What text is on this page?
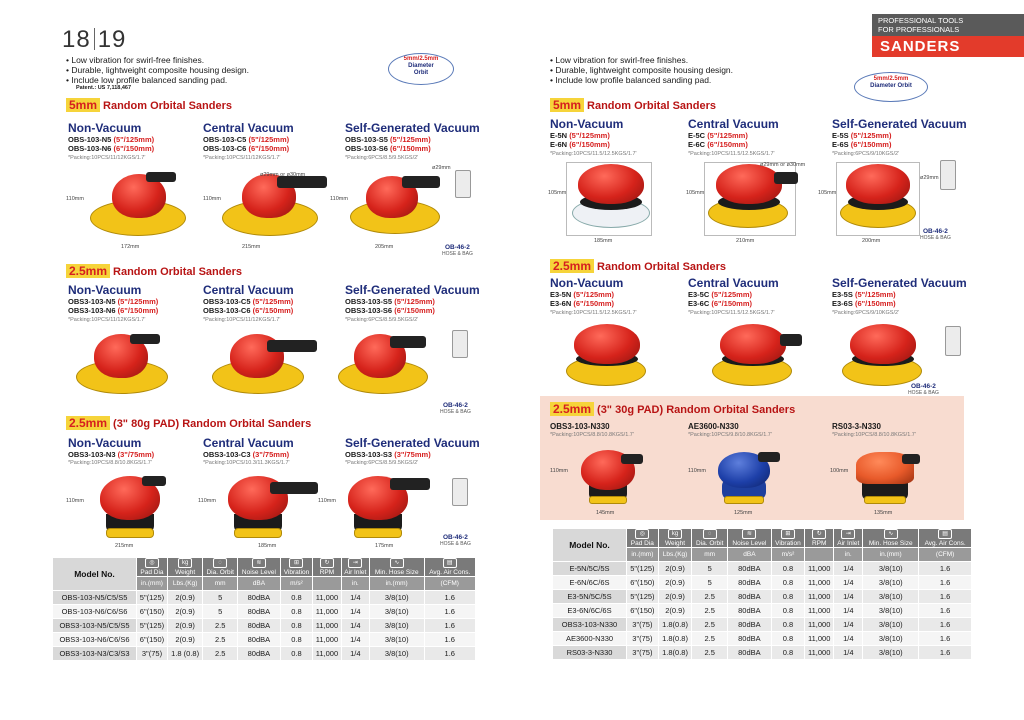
18 19
• Low vibration for swirl-free finishes.
• Durable, lightweight composite housing design.
• Include low profile balanced sanding pad.
Patent.: US 7,118,467
5mm/2.5mm
Diameter
Orbit
5mm Random Orbital Sanders
Non-Vacuum
OBS-103-N5 (5"/125mm)
OBS-103-N6 (6"/150mm)
*Packing:10PCS/11/12KGS/1.7'
Central Vacuum
OBS-103-C5 (5"/125mm)
OBS-103-C6 (6"/150mm)
*Packing:10PCS/11/12KGS/1.7'
Self-Generated Vacuum
OBS-103-S5 (5"/125mm)
OBS-103-S6 (6"/150mm)
*Packing:6PCS/8.5/9.5KGS/2'
110mm
172mm
110mm
ø29mm or ø30mm
215mm
110mm
ø29mm
205mm	OB-46-2
HOSE & BAG
2.5mm Random Orbital Sanders
Non-Vacuum
OBS3-103-N5 (5"/125mm)
OBS3-103-N6 (6"/150mm)
*Packing:10PCS/11/12KGS/1.7'
Central Vacuum
OBS3-103-C5 (5"/125mm)
OBS3-103-C6 (6"/150mm)
*Packing:10PCS/11/12KGS/1.7'
Self-Generated Vacuum
OBS3-103-S5 (5"/125mm)
OBS3-103-S6 (6"/150mm)
*Packing:6PCS/8.5/9.5KGS/2'
OB-46-2
HOSE & BAG
2.5mm (3" 80g PAD) Random Orbital Sanders
Non-Vacuum
OBS3-103-N3 (3"/75mm)
*Packing:10PCS/8.8/10.8KGS/1.7'
Central Vacuum
OBS3-103-C3 (3"/75mm)
*Packing:10PCS/10.3/11.3KGS/1.7'
Self-Generated Vacuum
OBS3-103-S3 (3"/75mm)
*Packing:6PCS/8.5/9.5KGS/2'
110mm
215mm
110mm
185mm
110mm
175mm
OB-46-2
HOSE & BAG
Model No.	◎
Pad Dia	kg
Weight	◌
Dia. Orbit	≋
Noise Level	⊞
Vibration	↻
RPM	⇥
Air Inlet	∿
Min. Hose Size	▤
Avg. Air Cons.
	in.(mm)	Lbs.(Kg)	mm	dBA	m/s²		in.	in.(mm)	(CFM)
OBS-103-N5/C5/S5	5"(125)	2(0.9)	5	80dBA	0.8	11,000	1/4	3/8(10)	1.6
OBS-103-N6/C6/S6	6"(150)	2(0.9)	5	80dBA	0.8	11,000	1/4	3/8(10)	1.6
OBS3-103-N5/C5/S5	5"(125)	2(0.9)	2.5	80dBA	0.8	11,000	1/4	3/8(10)	1.6
OBS3-103-N6/C6/S6	6"(150)	2(0.9)	2.5	80dBA	0.8	11,000	1/4	3/8(10)	1.6
OBS3-103-N3/C3/S3	3"(75)	1.8 (0.8)	2.5	80dBA	0.8	11,000	1/4	3/8(10)	1.6
PROFESSIONAL TOOLS
FOR PROFESSIONALS
SANDERS
• Low vibration for swirl-free finishes.
• Durable, lightweight composite housing design.
• Include low profile balanced sanding pad.	5mm/2.5mm
Diameter Orbit
5mm Random Orbital Sanders
Non-Vacuum
E-5N (5"/125mm)
E-6N (6"/150mm)
*Packing:10PCS/11.5/12.5KGS/1.7'
Central Vacuum
E-5C (5"/125mm)
E-6C (6"/150mm)
*Packing:10PCS/11.5/12.5KGS/1.7'
Self-Generated Vacuum
E-5S (5"/125mm)
E-6S (6"/150mm)
*Packing:6PCS/9/10KGS/2'
105mm
185mm
105mm
ø29mm or ø30mm
210mm
105mm
ø29mm
200mm
OB-46-2
HOSE & BAG
2.5mm Random Orbital Sanders
Non-Vacuum
E3-5N (5"/125mm)
E3-6N (6"/150mm)
*Packing:10PCS/11.5/12.5KGS/1.7'
Central Vacuum
E3-5C (5"/125mm)
E3-6C (6"/150mm)
*Packing:10PCS/11.5/12.5KGS/1.7'
Self-Generated Vacuum
E3-5S (5"/125mm)
E3-6S (6"/150mm)
*Packing:6PCS/9/10KGS/2'
OB-46-2
HOSE & BAG
2.5mm (3" 30g PAD) Random Orbital Sanders
OBS3-103-N330
*Packing:10PCS/8.8/10.8KGS/1.7'
AE3600-N330
*Packing:10PCS/9.8/10.8KGS/1.7'
RS03-3-N330
*Packing:10PCS/8.8/10.8KGS/1.7'
110mm
145mm
110mm
125mm
100mm
135mm
Model No.	◎
Pad Dia	kg
Weight	◌
Dia. Orbit	≋
Noise Level	⊞
Vibration	↻
RPM	⇥
Air Inlet	∿
Min. Hose Size	▤
Avg. Air Cons.
	in.(mm)	Lbs.(Kg)	mm	dBA	m/s²		in.	in.(mm)	(CFM)
E-5N/5C/5S	5"(125)	2(0.9)	5	80dBA	0.8	11,000	1/4	3/8(10)	1.6
E-6N/6C/6S	6"(150)	2(0.9)	5	80dBA	0.8	11,000	1/4	3/8(10)	1.6
E3-5N/5C/5S	5"(125)	2(0.9)	2.5	80dBA	0.8	11,000	1/4	3/8(10)	1.6
E3-6N/6C/6S	6"(150)	2(0.9)	2.5	80dBA	0.8	11,000	1/4	3/8(10)	1.6
OBS3-103-N330	3"(75)	1.8(0.8)	2.5	80dBA	0.8	11,000	1/4	3/8(10)	1.6
AE3600-N330	3"(75)	1.8(0.8)	2.5	80dBA	0.8	11,000	1/4	3/8(10)	1.6
RS03-3-N330	3"(75)	1.8(0.8)	2.5	80dBA	0.8	11,000	1/4	3/8(10)	1.6
